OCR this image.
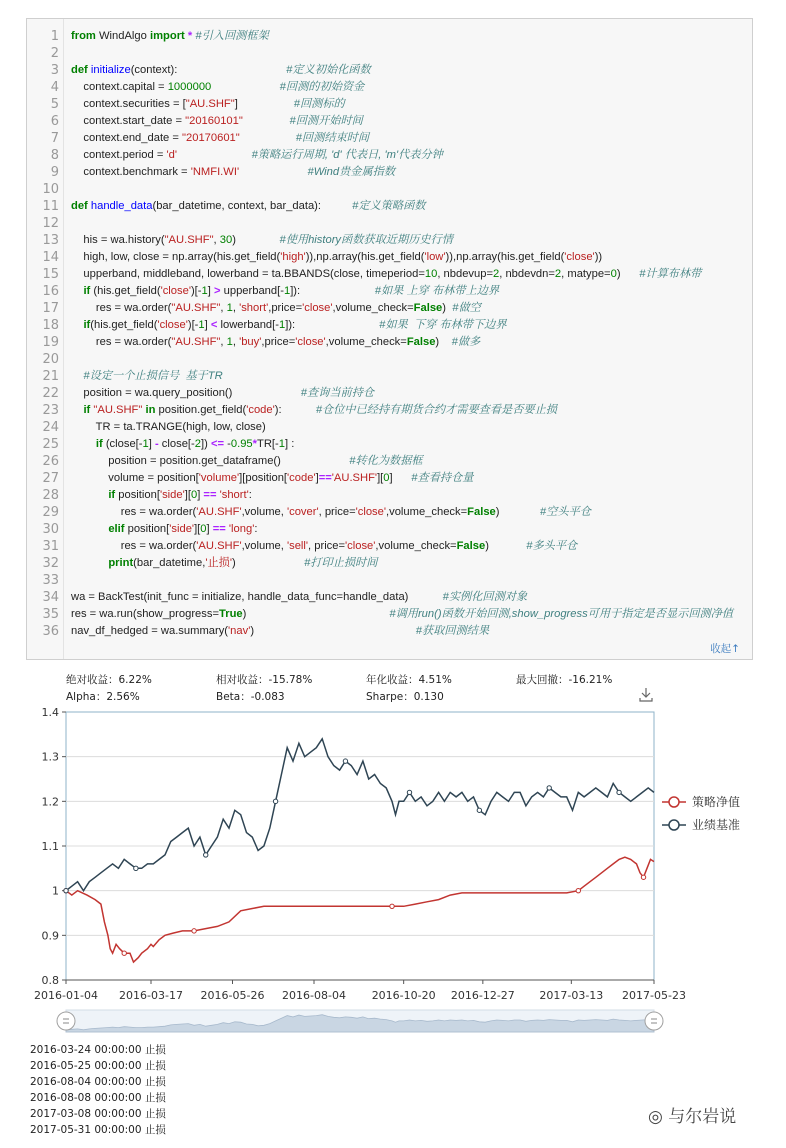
1
2
3
4
5
6
7
8
9
10
11
12
13
14
15
16
17
18
19
20
21
22
23
24
25
26
27
28
29
30
31
32
33
34
35
36
from WindAlgo import * #引入回测框架
def initialize(context):                                   #定义初始化函数
context.capital = 1000000	#回测的初始资金
context.securities = ["AU.SHF"]                  #回测标的
context.start_date = "20160101"	#回测开始时间
context.end_date = "20170601"	#回测结束时间
context.period = 'd'	#策略运行周期, 'd' 代表日, 'm'代表分钟
context.benchmark = 'NMFI.WI'	#Wind贵金属指数
def handle_data(bar_datetime, context, bar_data):          #定义策略函数
his = wa.history("AU.SHF", 30)              #使用history函数获取近期历史行情
high, low, close = np.array(his.get_field('high')),np.array(his.get_field('low')),np.array(his.get_field('close'))
upperband, middleband, lowerband = ta.BBANDS(close, timeperiod=10, nbdevup=2, nbdevdn=2, matype=0)      #计算布林带
if (his.get_field('close')[-1] > upperband[-1]):                        #如果 上穿 布林带上边界
res = wa.order("AU.SHF", 1, 'short',price='close',volume_check=False)  #做空
if(his.get_field('close')[-1] < lowerband[-1]):                           #如果  下穿 布林带下边界
res = wa.order("AU.SHF", 1, 'buy',price='close',volume_check=False)    #做多
#设定一个止损信号  基于TR
position = wa.query_position()                      #查询当前持仓
if "AU.SHF" in position.get_field('code'):           #仓位中已经持有期货合约才需要查看是否要止损
TR = ta.TRANGE(high, low, close)
if (close[-1] - close[-2]) <= -0.95*TR[-1] :
position = position.get_dataframe()                      #转化为数据框
volume = position['volume'][position['code']=='AU.SHF'][0]      #查看持仓量
if position['side'][0] == 'short':
res = wa.order('AU.SHF',volume, 'cover', price='close',volume_check=False)             #空头平仓
elif position['side'][0] == 'long':
res = wa.order('AU.SHF',volume, 'sell', price='close',volume_check=False)            #多头平仓
print(bar_datetime,'止损')                      #打印止损时间
wa = BackTest(init_func = initialize, handle_data_func=handle_data)           #实例化回测对象
res = wa.run(show_progress=True)                                              #调用run()函数开始回测,show_progress可用于指定是否显示回测净值
nav_df_hedged = wa.summary('nav')                                                    #获取回测结果
收起↑
绝对收益：6.22%	相对收益：-15.78%	年化收益：4.51%	最大回撤：-16.21%
Alpha：2.56%	Beta：-0.083	Sharpe：0.130
0.8
0.9
1
1.1
1.2
1.3
1.4
2016-01-04 2016-03-17 2016-05-26 2016-08-04 2016-10-20 2016-12-27 2017-03-13 2017-05-23
策略净值
业绩基准
2016-03-24 00:00:00 止损
2016-05-25 00:00:00 止损
2016-08-04 00:00:00 止损
2016-08-08 00:00:00 止损
2017-03-08 00:00:00 止损
2017-05-31 00:00:00 止损
◎ 与尔岩说
